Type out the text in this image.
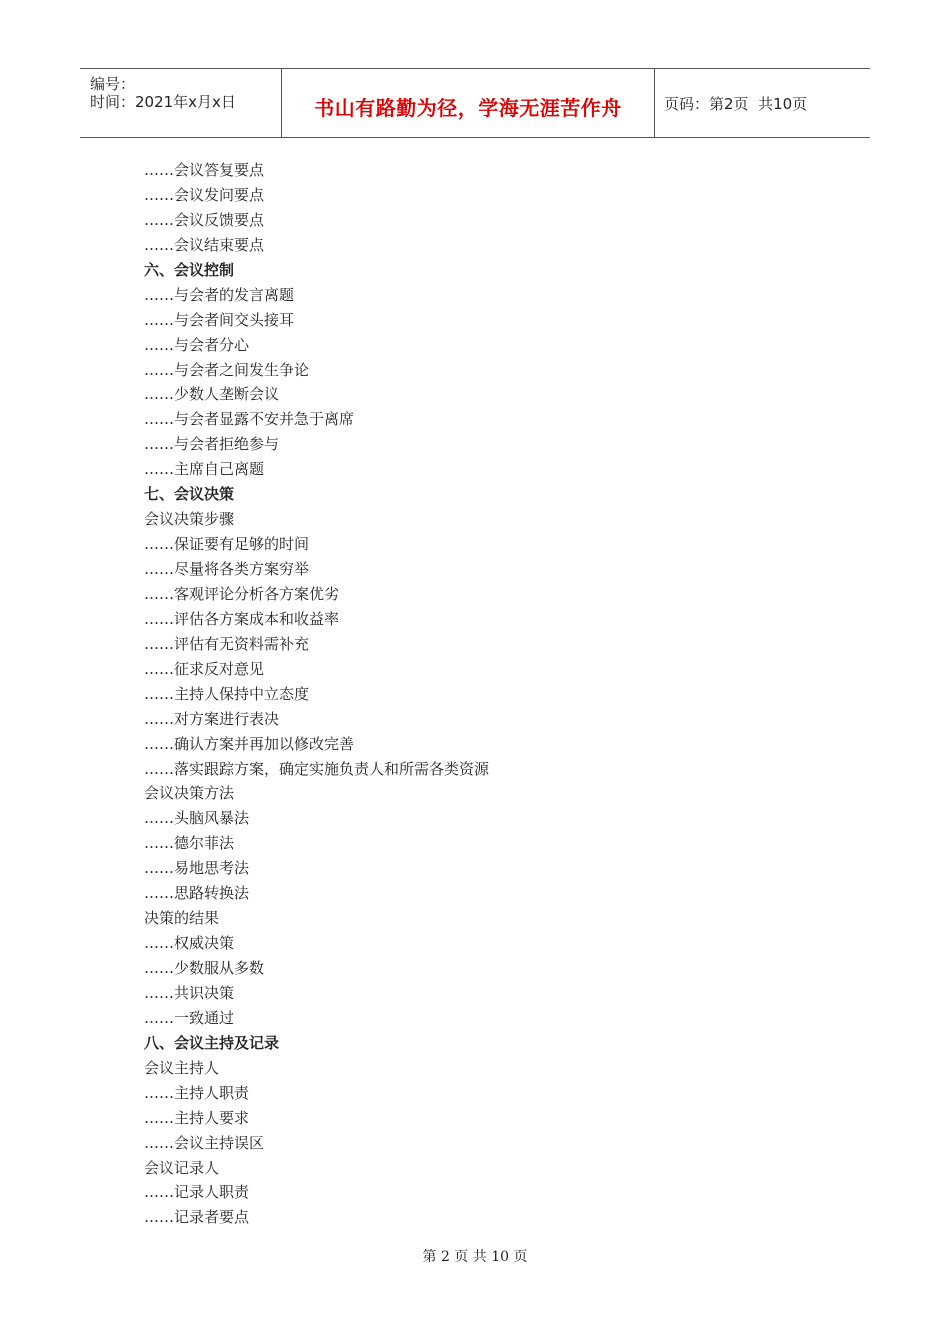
编号：
时间：2021年x月x日	书山有路勤为径，学海无涯苦作舟	页码：第2页  共10页
……会议答复要点
……会议发问要点
……会议反馈要点
……会议结束要点
六、会议控制
……与会者的发言离题
……与会者间交头接耳
……与会者分心
……与会者之间发生争论
……少数人垄断会议
……与会者显露不安并急于离席
……与会者拒绝参与
……主席自己离题
七、会议决策
会议决策步骤
……保证要有足够的时间
……尽量将各类方案穷举
……客观评论分析各方案优劣
……评估各方案成本和收益率
……评估有无资料需补充
……征求反对意见
……主持人保持中立态度
……对方案进行表决
……确认方案并再加以修改完善
……落实跟踪方案，确定实施负责人和所需各类资源
会议决策方法
……头脑风暴法
……德尔菲法
……易地思考法
……思路转换法
决策的结果
……权威决策
……少数服从多数
……共识决策
……一致通过
八、会议主持及记录
会议主持人
……主持人职责
……主持人要求
……会议主持误区
会议记录人
……记录人职责
……记录者要点
第 2 页 共 10 页
